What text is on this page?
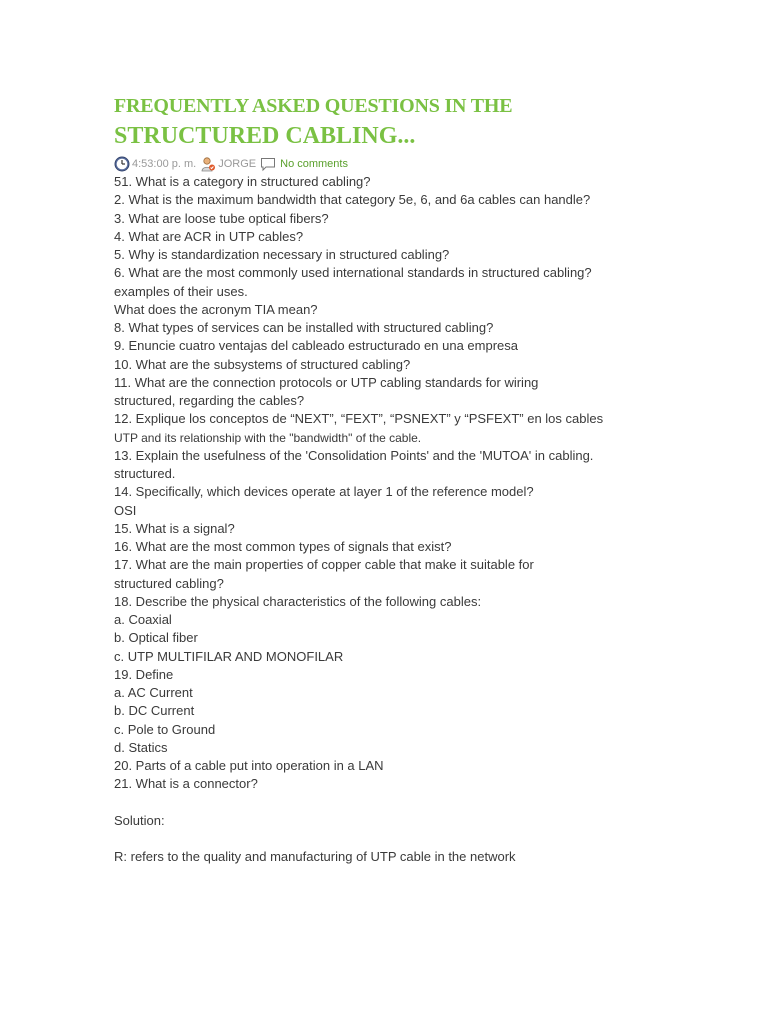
FREQUENTLY ASKED QUESTIONS IN THE
STRUCTURED CABLING...
4:53:00 p. m. JORGE No comments
51. What is a category in structured cabling?
2. What is the maximum bandwidth that category 5e, 6, and 6a cables can handle?
3. What are loose tube optical fibers?
4. What are ACR in UTP cables?
5. Why is standardization necessary in structured cabling?
6. What are the most commonly used international standards in structured cabling?
examples of their uses.
What does the acronym TIA mean?
8. What types of services can be installed with structured cabling?
9. Enuncie cuatro ventajas del cableado estructurado en una empresa
10. What are the subsystems of structured cabling?
11. What are the connection protocols or UTP cabling standards for wiring
structured, regarding the cables?
12. Explique los conceptos de “NEXT”, “FEXT”, “PSNEXT” y “PSFEXT” en los cables
UTP and its relationship with the "bandwidth" of the cable.
13. Explain the usefulness of the 'Consolidation Points' and the 'MUTOA' in cabling.
structured.
14. Specifically, which devices operate at layer 1 of the reference model?
OSI
15. What is a signal?
16. What are the most common types of signals that exist?
17. What are the main properties of copper cable that make it suitable for
structured cabling?
18. Describe the physical characteristics of the following cables:
a. Coaxial
b. Optical fiber
c. UTP MULTIFILAR AND MONOFILAR
19. Define
a. AC Current
b. DC Current
c. Pole to Ground
d. Statics
20. Parts of a cable put into operation in a LAN
21. What is a connector?
Solution:
R: refers to the quality and manufacturing of UTP cable in the network
